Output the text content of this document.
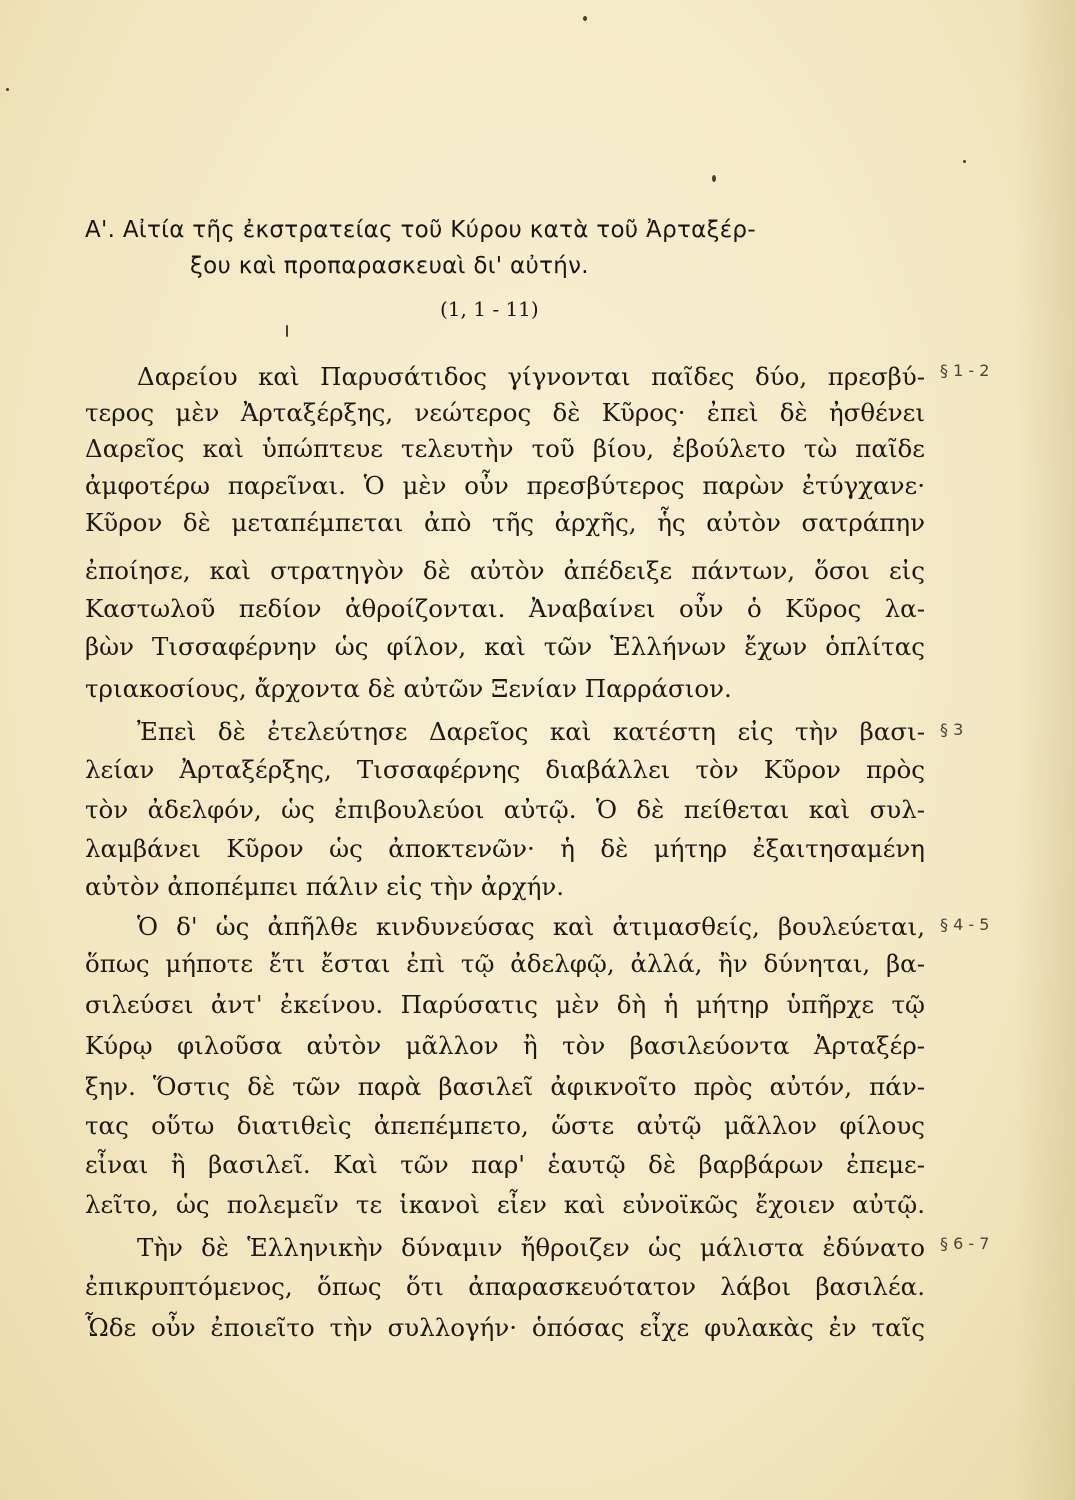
Α'. Αἰτία τῆς ἐκστρατείας τοῦ Κύρου κατὰ τοῦ Ἀρταξέρ-
ξου καὶ προπαρασκευαὶ δι' αὐτήν.
(1, 1 - 11)
Δαρείου καὶ Παρυσάτιδος γίγνονται παῖδες δύο, πρεσβύ-
τερος μὲν Ἀρταξέρξης, νεώτερος δὲ Κῦρος· ἐπεὶ δὲ ἠσθένει
Δαρεῖος καὶ ὑπώπτευε τελευτὴν τοῦ βίου, ἐβούλετο τὼ παῖδε
ἀμφοτέρω παρεῖναι. Ὁ μὲν οὖν πρεσβύτερος παρὼν ἐτύγχανε·
Κῦρον δὲ μεταπέμπεται ἀπὸ τῆς ἀρχῆς, ἧς αὐτὸν σατράπην
ἐποίησε, καὶ στρατηγὸν δὲ αὐτὸν ἀπέδειξε πάντων, ὅσοι εἰς
Καστωλοῦ πεδίον ἀθροίζονται. Ἀναβαίνει οὖν ὁ Κῦρος λα-
βὼν Τισσαφέρνην ὡς φίλον, καὶ τῶν Ἑλλήνων ἔχων ὁπλίτας
τριακοσίους, ἄρχοντα δὲ αὐτῶν Ξενίαν Παρράσιον.
Ἐπεὶ δὲ ἐτελεύτησε Δαρεῖος καὶ κατέστη εἰς τὴν βασι-
λείαν Ἀρταξέρξης, Τισσαφέρνης διαβάλλει τὸν Κῦρον πρὸς
τὸν ἀδελφόν, ὡς ἐπιβουλεύοι αὐτῷ. Ὁ δὲ πείθεται καὶ συλ-
λαμβάνει Κῦρον ὡς ἀποκτενῶν· ἡ δὲ μήτηρ ἐξαιτησαμένη
αὐτὸν ἀποπέμπει πάλιν εἰς τὴν ἀρχήν.
Ὁ δ' ὡς ἀπῆλθε κινδυνεύσας καὶ ἀτιμασθείς, βουλεύεται,
ὅπως μήποτε ἔτι ἔσται ἐπὶ τῷ ἀδελφῷ, ἀλλά, ἢν δύνηται, βα-
σιλεύσει ἀντ' ἐκείνου. Παρύσατις μὲν δὴ ἡ μήτηρ ὑπῆρχε τῷ
Κύρῳ φιλοῦσα αὐτὸν μᾶλλον ἢ τὸν βασιλεύοντα Ἀρταξέρ-
ξην. Ὅστις δὲ τῶν παρὰ βασιλεῖ ἀφικνοῖτο πρὸς αὐτόν, πάν-
τας οὕτω διατιθεὶς ἀπεπέμπετο, ὥστε αὐτῷ μᾶλλον φίλους
εἶναι ἢ βασιλεῖ. Καὶ τῶν παρ' ἑαυτῷ δὲ βαρβάρων ἐπεμε-
λεῖτο, ὡς πολεμεῖν τε ἱκανοὶ εἶεν καὶ εὐνοϊκῶς ἔχοιεν αὐτῷ.
Τὴν δὲ Ἑλληνικὴν δύναμιν ἤθροιζεν ὡς μάλιστα ἐδύνατο
ἐπικρυπτόμενος, ὅπως ὅτι ἀπαρασκευότατον λάβοι βασιλέα.
Ὧδε οὖν ἐποιεῖτο τὴν συλλογήν· ὁπόσας εἶχε φυλακὰς ἐν ταῖς
§ 1 - 2
§ 3
§ 4 - 5
§ 6 - 7
